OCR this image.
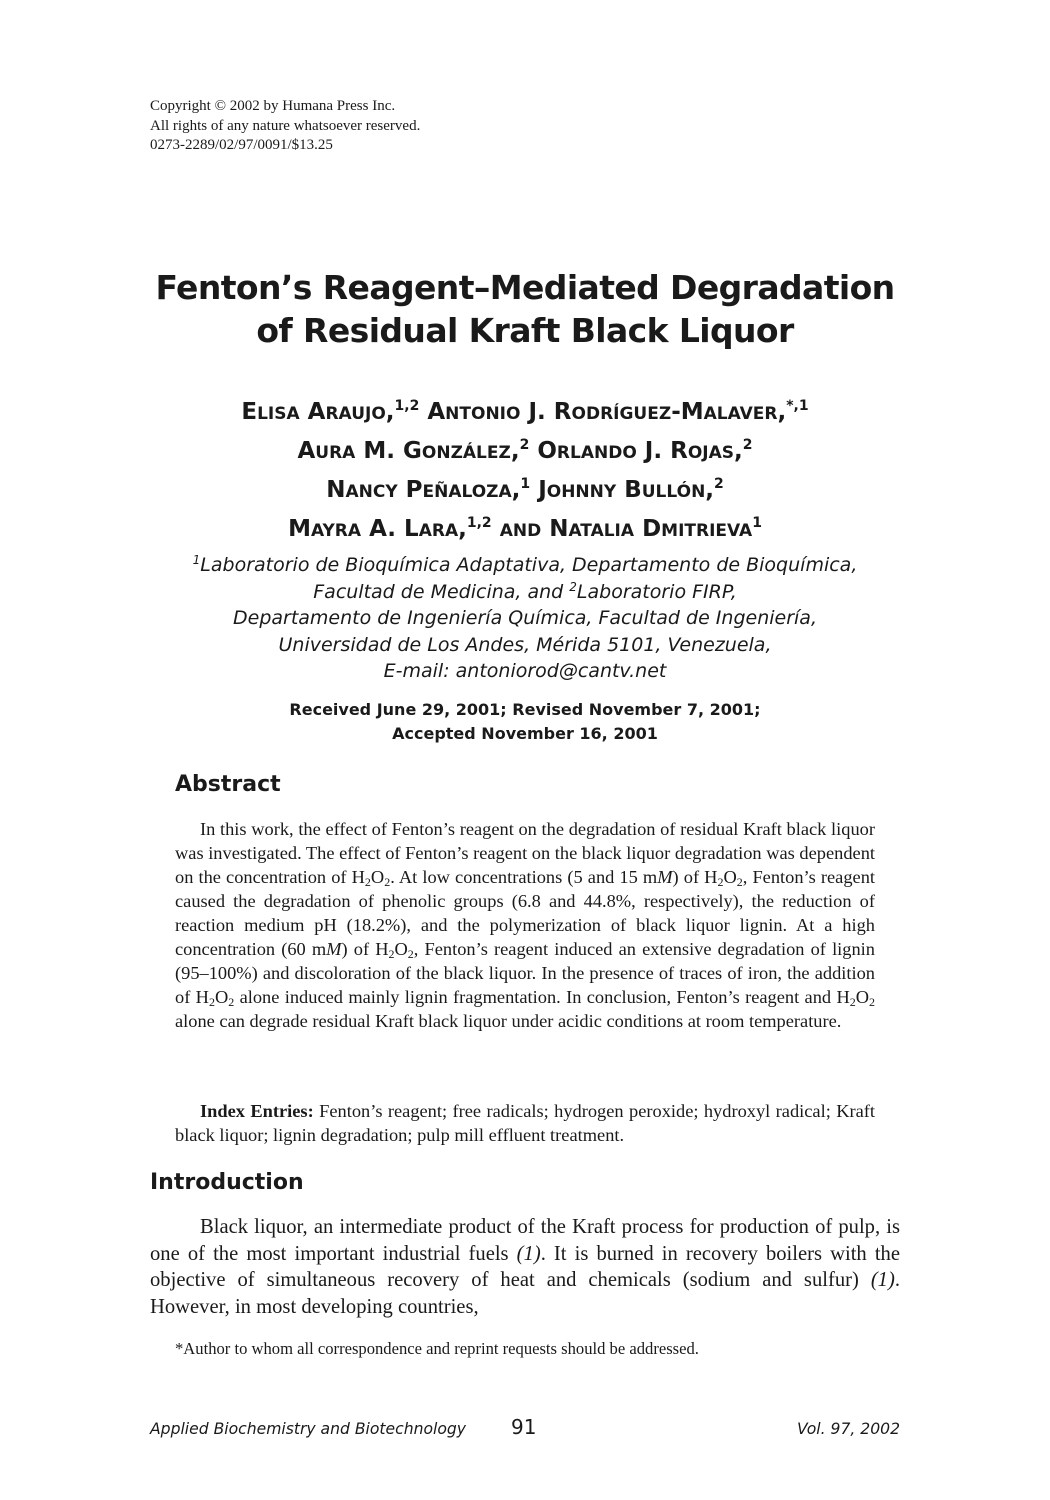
Copyright © 2002 by Humana Press Inc.
All rights of any nature whatsoever reserved.
0273-2289/02/97/0091/$13.25
Fenton’s Reagent–Mediated Degradation
of Residual Kraft Black Liquor
ELISA ARAUJO,$^{1,2}$ ANTONIO J. RODRÍGUEZ-MALAVER,$^{*,1}$
AURA M. GONZÁLEZ,$^2$ ORLANDO J. ROJAS,$^2$
NANCY PEÑALOZA,$^1$ JOHNNY BULLÓN,$^2$
MAYRA A. LARA,$^{1,2}$ AND NATALIA DMITRIEVA$^1$
$^1$Laboratorio de Bioquímica Adaptativa, Departamento de Bioquímica,
Facultad de Medicina, and $^2$Laboratorio FIRP,
Departamento de Ingeniería Química, Facultad de Ingeniería,
Universidad de Los Andes, Mérida 5101, Venezuela,
E-mail: antoniorod@cantv.net
Received June 29, 2001; Revised November 7, 2001;
Accepted November 16, 2001
Abstract

In this work, the effect of Fenton’s reagent on the degradation of residual Kraft black liquor was investigated. The effect of Fenton’s reagent on the black liquor degradation was dependent on the concentration of $H_2O_2$. At low concentrations (5 and 15 mM) of $H_2O_2$, Fenton’s reagent caused the degradation of phenolic groups (6.8 and 44.8%, respectively), the reduction of reaction medium pH (18.2%), and the polymerization of black liquor lignin. At a high concentration (60 mM) of $H_2O_2$, Fenton’s reagent induced an extensive degradation of lignin (95–100%) and discoloration of the black liquor. In the presence of traces of iron, the addition of $H_2O_2$ alone induced mainly lignin fragmentation. In conclusion, Fenton’s reagent and $H_2O_2$ alone can degrade residual Kraft black liquor under acidic conditions at room temperature.

Index Entries: Fenton’s reagent; free radicals; hydrogen peroxide; hydroxyl radical; Kraft black liquor; lignin degradation; pulp mill effluent treatment.

Introduction

Black liquor, an intermediate product of the Kraft process for production of pulp, is one of the most important industrial fuels (1). It is burned in recovery boilers with the objective of simultaneous recovery of heat and chemicals (sodium and sulfur) (1). However, in most developing countries,

*Author to whom all correspondence and reprint requests should be addressed.
Applied Biochemistry and Biotechnology 91	Vol. 97, 2002
